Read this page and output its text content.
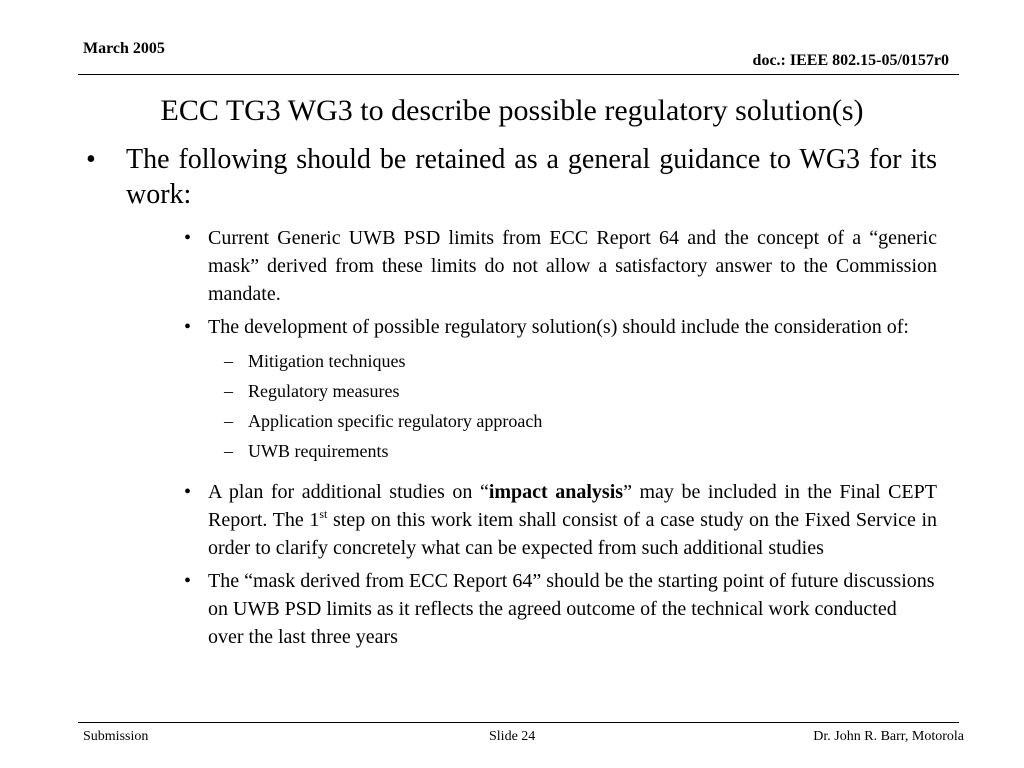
March 2005
doc.: IEEE 802.15-05/0157r0
ECC TG3 WG3 to describe possible regulatory solution(s)
•	The following should be retained as a general guidance to WG3 for its work:
• Current Generic UWB PSD limits from ECC Report 64 and the concept of a “generic mask” derived from these limits do not allow a satisfactory answer to the Commission mandate.
• The development of possible regulatory solution(s) should include the consideration of:
– Mitigation techniques
– Regulatory measures
– Application specific regulatory approach
– UWB requirements
• A plan for additional studies on “impact analysis” may be included in the Final CEPT Report. The 1st step on this work item shall consist of a case study on the Fixed Service in order to clarify concretely what can be expected from such additional studies
• The “mask derived from ECC Report 64” should be the starting point of future discussions on UWB PSD limits as it reflects the agreed outcome of the technical work conducted over the last three years
Submission	Slide 24	Dr. John R. Barr, Motorola
